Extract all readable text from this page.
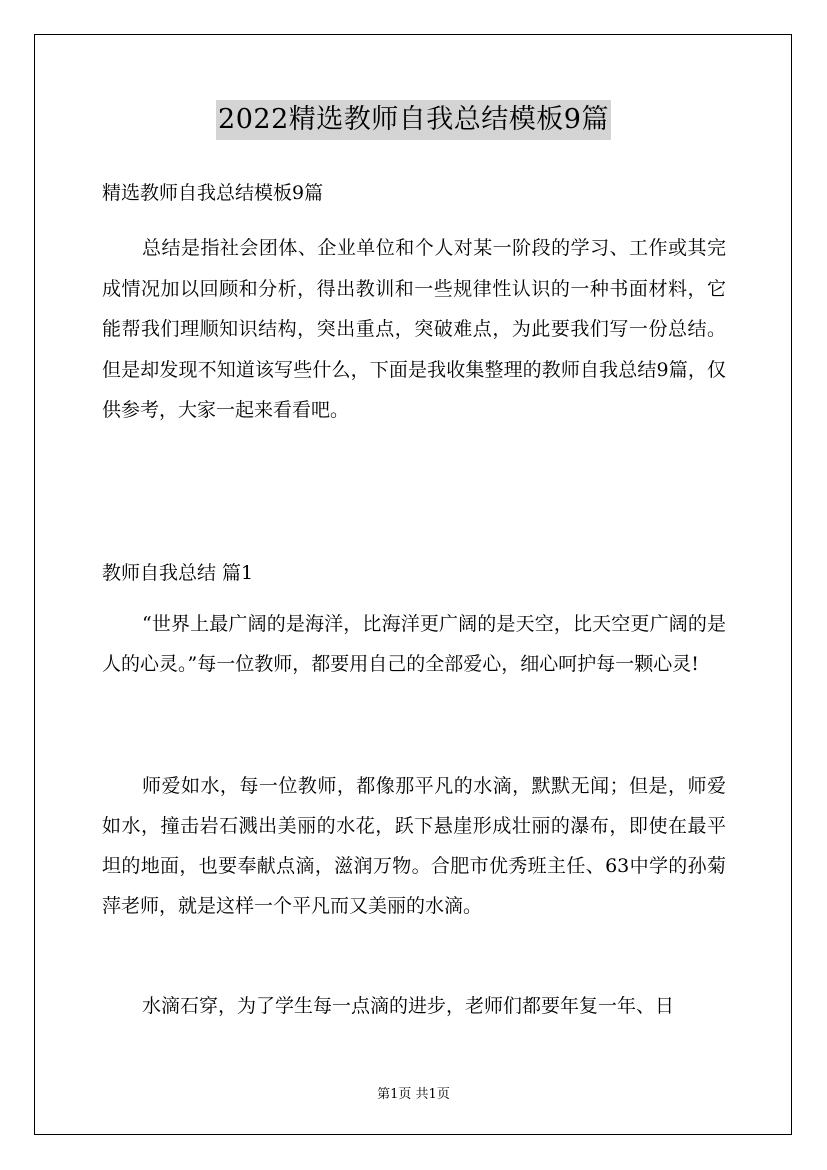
2022精选教师自我总结模板9篇

精选教师自我总结模板9篇

总结是指社会团体、企业单位和个人对某一阶段的学习、工作或其完成情况加以回顾和分析，得出教训和一些规律性认识的一种书面材料，它能帮我们理顺知识结构，突出重点，突破难点，为此要我们写一份总结。但是却发现不知道该写些什么，下面是我收集整理的教师自我总结9篇，仅供参考，大家一起来看看吧。

教师自我总结 篇1

“世界上最广阔的是海洋，比海洋更广阔的是天空，比天空更广阔的是人的心灵。”每一位教师，都要用自己的全部爱心，细心呵护每一颗心灵!

师爱如水，每一位教师，都像那平凡的水滴，默默无闻；但是，师爱如水，撞击岩石溅出美丽的水花，跃下悬崖形成壮丽的瀑布，即使在最平坦的地面，也要奉献点滴，滋润万物。合肥市优秀班主任、63中学的孙菊萍老师，就是这样一个平凡而又美丽的水滴。

水滴石穿，为了学生每一点滴的进步，老师们都要年复一年、日

第1页 共1页
